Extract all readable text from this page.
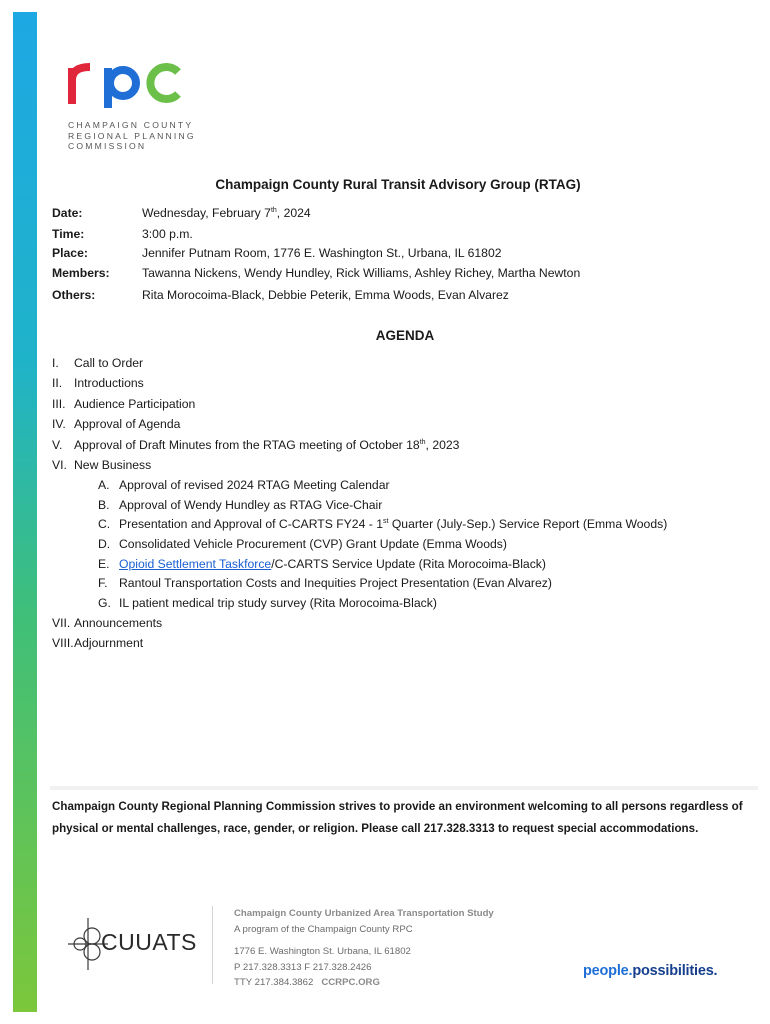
CHAMPAIGN COUNTY
REGIONAL PLANNING
COMMISSION
Champaign County Rural Transit Advisory Group (RTAG)
Date:	Wednesday, February 7th, 2024
Time:	3:00 p.m.
Place:	Jennifer Putnam Room, 1776 E. Washington St., Urbana, IL 61802
Members:	Tawanna Nickens, Wendy Hundley, Rick Williams, Ashley Richey, Martha Newton
Others:	Rita Morocoima-Black, Debbie Peterik, Emma Woods, Evan Alvarez
AGENDA
I. Call to Order
II. Introductions
III. Audience Participation
IV. Approval of Agenda
V. Approval of Draft Minutes from the RTAG meeting of October 18th, 2023
VI. New Business
A. Approval of revised 2024 RTAG Meeting Calendar
B. Approval of Wendy Hundley as RTAG Vice-Chair
C. Presentation and Approval of C-CARTS FY24 - 1st Quarter (July-Sep.) Service Report (Emma Woods)
D. Consolidated Vehicle Procurement (CVP) Grant Update (Emma Woods)
E. Opioid Settlement Taskforce/C-CARTS Service Update (Rita Morocoima-Black)
F. Rantoul Transportation Costs and Inequities Project Presentation (Evan Alvarez)
G. IL patient medical trip study survey (Rita Morocoima-Black)
VII. Announcements
VIII. Adjournment
Champaign County Regional Planning Commission strives to provide an environment welcoming to all persons regardless of physical or mental challenges, race, gender, or religion. Please call 217.328.3313 to request special accommodations.
CUUATS
Champaign County Urbanized Area Transportation Study
A program of the Champaign County RPC
1776 E. Washington St. Urbana, IL 61802
P 217.328.3313 F 217.328.2426
TTY 217.384.3862 CCRPC.ORG
people.possibilities.
